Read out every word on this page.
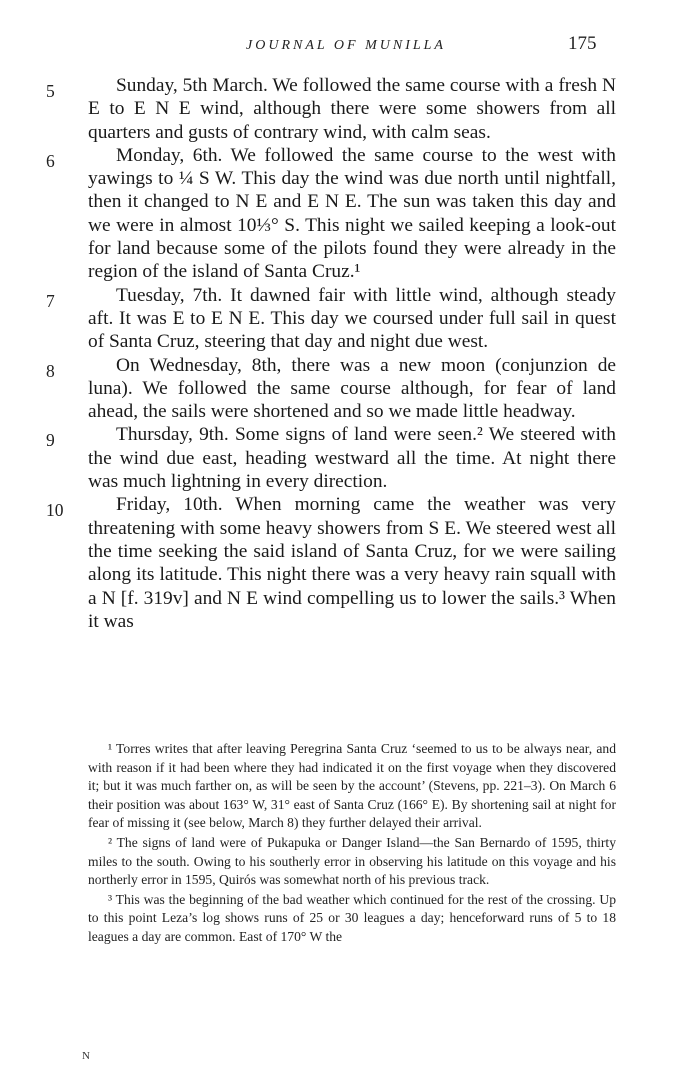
JOURNAL OF MUNILLA	175
5	Sunday, 5th March. We followed the same course with a fresh N E to E N E wind, although there were some showers from all quarters and gusts of contrary wind, with calm seas.

6	Monday, 6th. We followed the same course to the west with yawings to ¼ S W. This day the wind was due north until nightfall, then it changed to N E and E N E. The sun was taken this day and we were in almost 10⅓° S. This night we sailed keeping a look-out for land because some of the pilots found they were already in the region of the island of Santa Cruz.¹

7	Tuesday, 7th. It dawned fair with little wind, although steady aft. It was E to E N E. This day we coursed under full sail in quest of Santa Cruz, steering that day and night due west.

8	On Wednesday, 8th, there was a new moon (conjunzion de luna). We followed the same course although, for fear of land ahead, the sails were shortened and so we made little headway.

9	Thursday, 9th. Some signs of land were seen.² We steered with the wind due east, heading westward all the time. At night there was much lightning in every direction.

10	Friday, 10th. When morning came the weather was very threatening with some heavy showers from S E. We steered west all the time seeking the said island of Santa Cruz, for we were sailing along its latitude. This night there was a very heavy rain squall with a N [f. 319v] and N E wind compelling us to lower the sails.³ When it was

¹ Torres writes that after leaving Peregrina Santa Cruz ‘seemed to us to be always near, and with reason if it had been where they had indicated it on the first voyage when they discovered it; but it was much farther on, as will be seen by the account’ (Stevens, pp. 221–3). On March 6 their position was about 163° W, 31° east of Santa Cruz (166° E). By shortening sail at night for fear of missing it (see below, March 8) they further delayed their arrival.

² The signs of land were of Pukapuka or Danger Island—the San Bernardo of 1595, thirty miles to the south. Owing to his southerly error in observing his latitude on this voyage and his northerly error in 1595, Quirós was somewhat north of his previous track.

³ This was the beginning of the bad weather which continued for the rest of the crossing. Up to this point Leza’s log shows runs of 25 or 30 leagues a day; henceforward runs of 5 to 18 leagues a day are common. East of 170° W the

N
